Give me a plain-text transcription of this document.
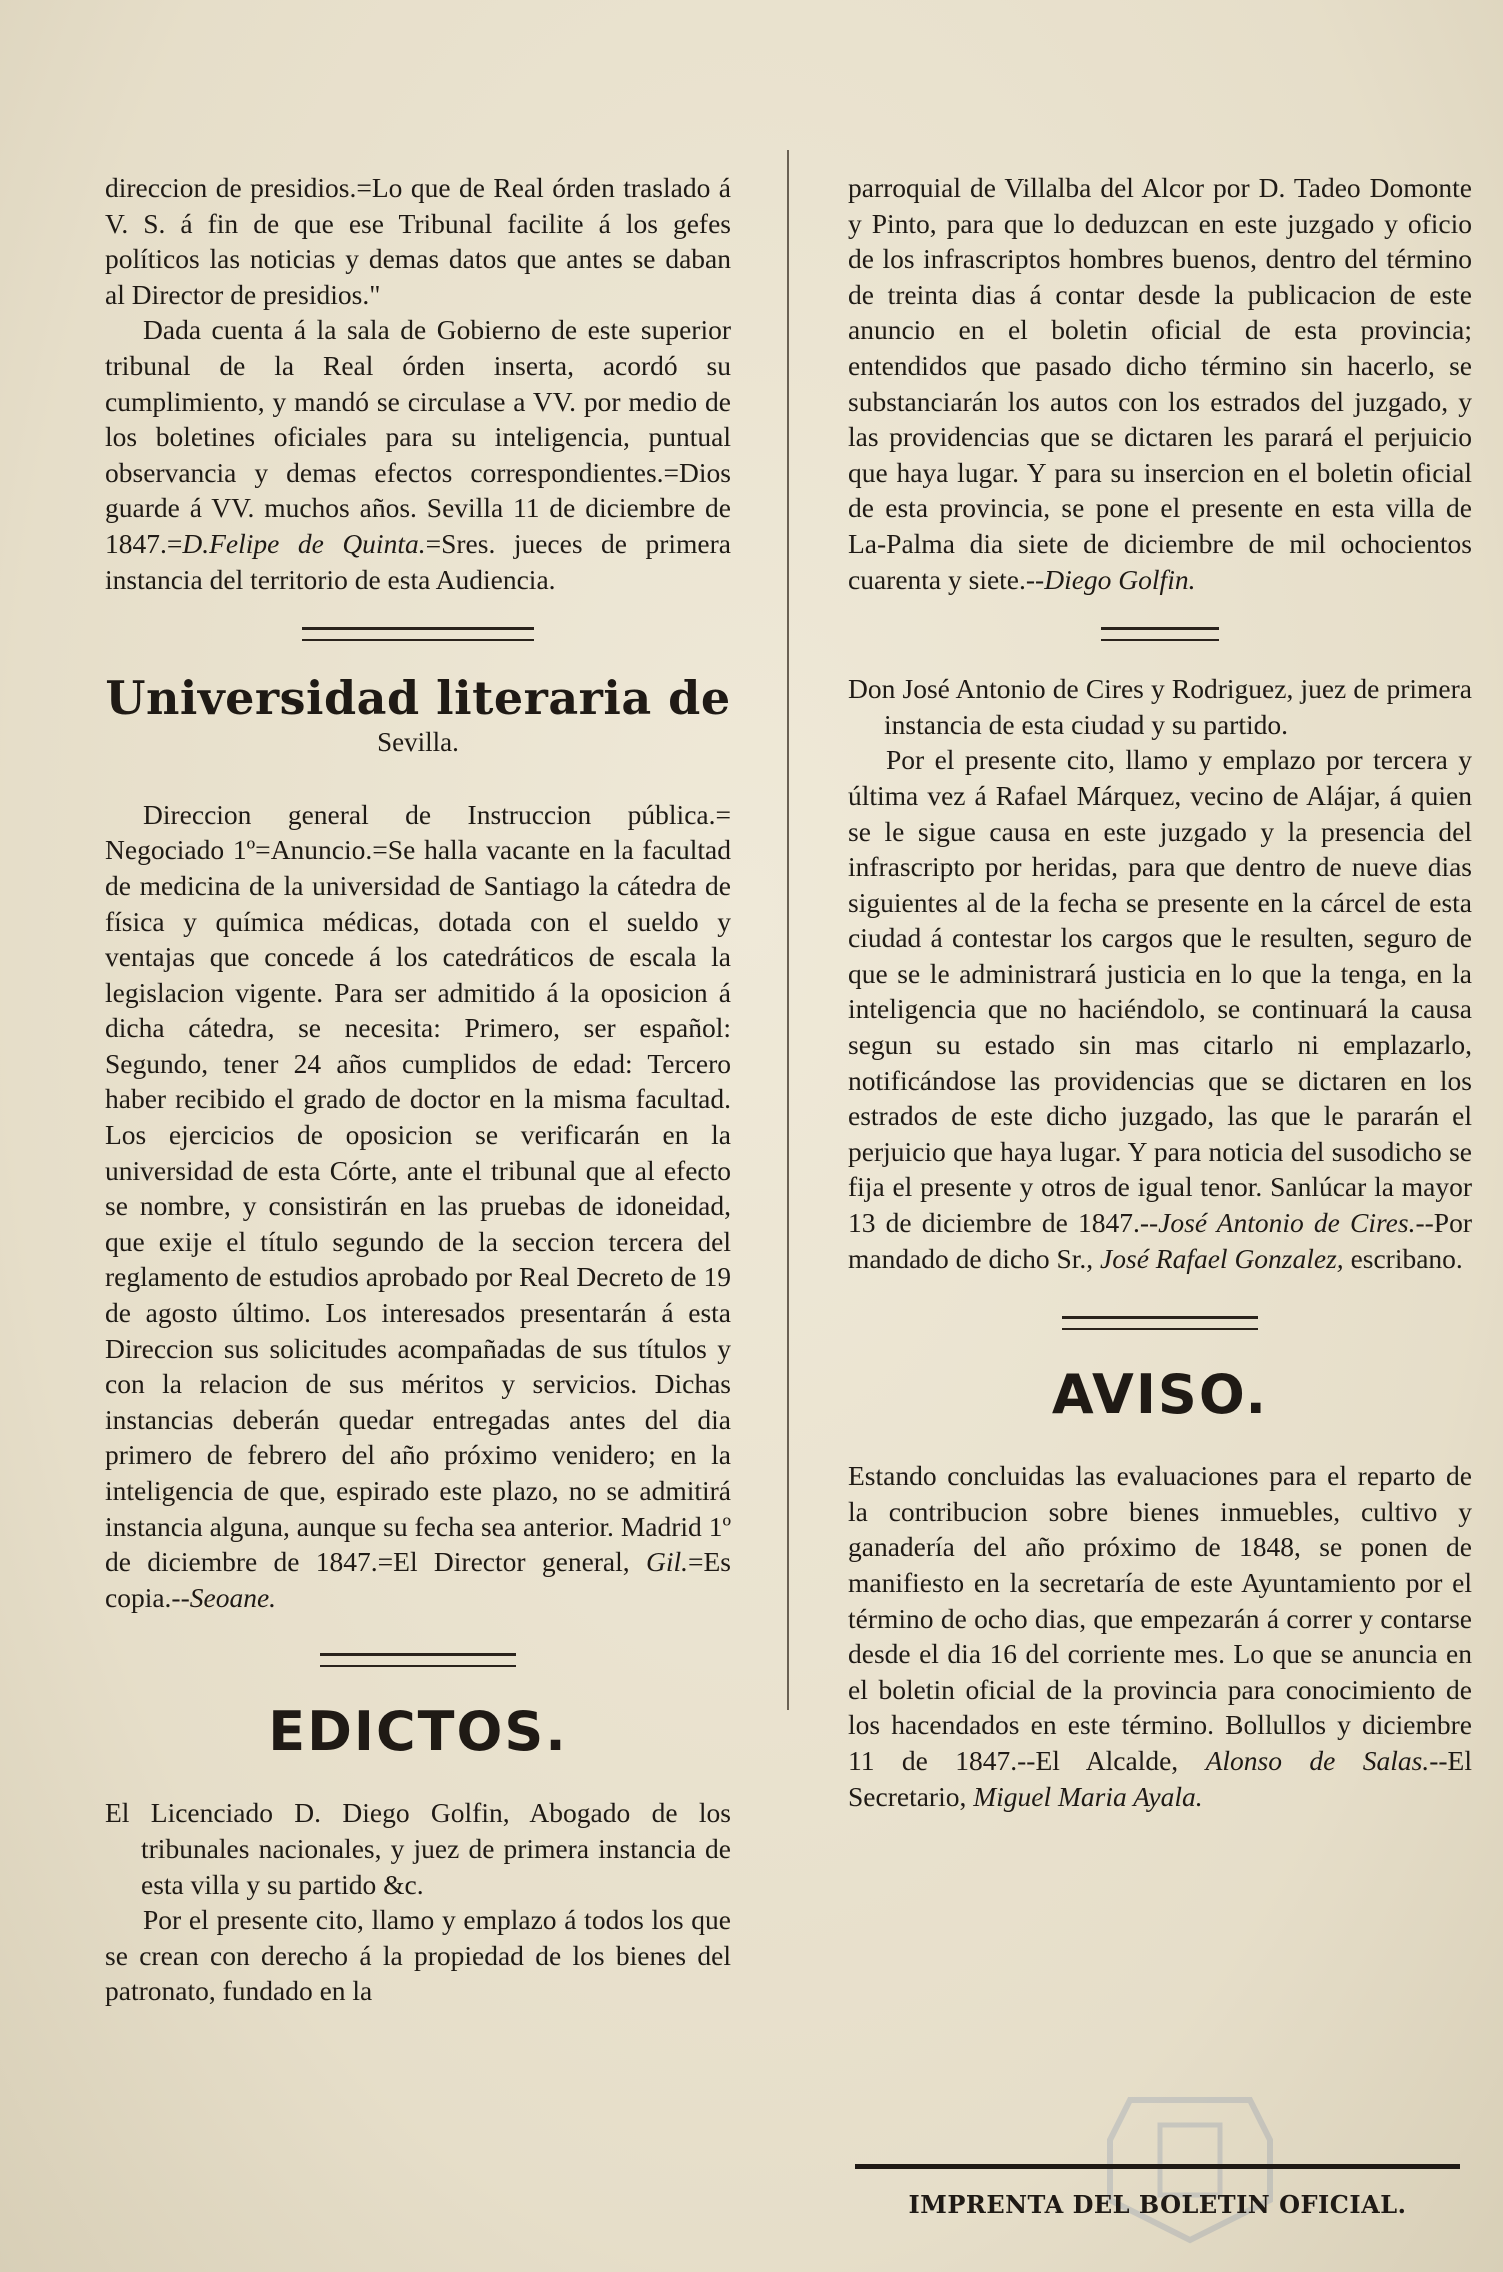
direccion de presidios.=Lo que de Real órden traslado á V. S. á fin de que ese Tribunal facilite á los gefes políticos las noticias y demas datos que antes se daban al Director de presidios."

Dada cuenta á la sala de Gobierno de este superior tribunal de la Real órden inserta, acordó su cumplimiento, y mandó se circulase a VV. por medio de los boletines oficiales para su inteligencia, puntual observancia y demas efectos correspondientes.=Dios guarde á VV. muchos años. Sevilla 11 de diciembre de 1847.=D.Felipe de Quinta.=Sres. jueces de primera instancia del territorio de esta Audiencia.

Universidad literaria de
Sevilla.

Direccion general de Instruccion pública.= Negociado 1º=Anuncio.=Se halla vacante en la facultad de medicina de la universidad de Santiago la cátedra de física y química médicas, dotada con el sueldo y ventajas que concede á los catedráticos de escala la legislacion vigente. Para ser admitido á la oposicion á dicha cátedra, se necesita: Primero, ser español: Segundo, tener 24 años cumplidos de edad: Tercero haber recibido el grado de doctor en la misma facultad. Los ejercicios de oposicion se verificarán en la universidad de esta Córte, ante el tribunal que al efecto se nombre, y consistirán en las pruebas de idoneidad, que exije el título segundo de la seccion tercera del reglamento de estudios aprobado por Real Decreto de 19 de agosto último. Los interesados presentarán á esta Direccion sus solicitudes acompañadas de sus títulos y con la relacion de sus méritos y servicios. Dichas instancias deberán quedar entregadas antes del dia primero de febrero del año próximo venidero; en la inteligencia de que, espirado este plazo, no se admitirá instancia alguna, aunque su fecha sea anterior. Madrid 1º de diciembre de 1847.=El Director general, Gil.=Es copia.--Seoane.

EDICTOS.

El Licenciado D. Diego Golfin, Abogado de los tribunales nacionales, y juez de primera instancia de esta villa y su partido &c.

Por el presente cito, llamo y emplazo á todos los que se crean con derecho á la propiedad de los bienes del patronato, fundado en la

parroquial de Villalba del Alcor por D. Tadeo Domonte y Pinto, para que lo deduzcan en este juzgado y oficio de los infrascriptos hombres buenos, dentro del término de treinta dias á contar desde la publicacion de este anuncio en el boletin oficial de esta provincia; entendidos que pasado dicho término sin hacerlo, se substanciarán los autos con los estrados del juzgado, y las providencias que se dictaren les parará el perjuicio que haya lugar. Y para su insercion en el boletin oficial de esta provincia, se pone el presente en esta villa de La-Palma dia siete de diciembre de mil ochocientos cuarenta y siete.--Diego Golfin.

Don José Antonio de Cires y Rodriguez, juez de primera instancia de esta ciudad y su partido.

Por el presente cito, llamo y emplazo por tercera y última vez á Rafael Márquez, vecino de Alájar, á quien se le sigue causa en este juzgado y la presencia del infrascripto por heridas, para que dentro de nueve dias siguientes al de la fecha se presente en la cárcel de esta ciudad á contestar los cargos que le resulten, seguro de que se le administrará justicia en lo que la tenga, en la inteligencia que no haciéndolo, se continuará la causa segun su estado sin mas citarlo ni emplazarlo, notificándose las providencias que se dictaren en los estrados de este dicho juzgado, las que le pararán el perjuicio que haya lugar. Y para noticia del susodicho se fija el presente y otros de igual tenor. Sanlúcar la mayor 13 de diciembre de 1847.--José Antonio de Cires.--Por mandado de dicho Sr., José Rafael Gonzalez, escribano.

AVISO.

Estando concluidas las evaluaciones para el reparto de la contribucion sobre bienes inmuebles, cultivo y ganadería del año próximo de 1848, se ponen de manifiesto en la secretaría de este Ayuntamiento por el término de ocho dias, que empezarán á correr y contarse desde el dia 16 del corriente mes. Lo que se anuncia en el boletin oficial de la provincia para conocimiento de los hacendados en este término. Bollullos y diciembre 11 de 1847.--El Alcalde, Alonso de Salas.--El Secretario, Miguel Maria Ayala.

IMPRENTA DEL BOLETIN OFICIAL.
